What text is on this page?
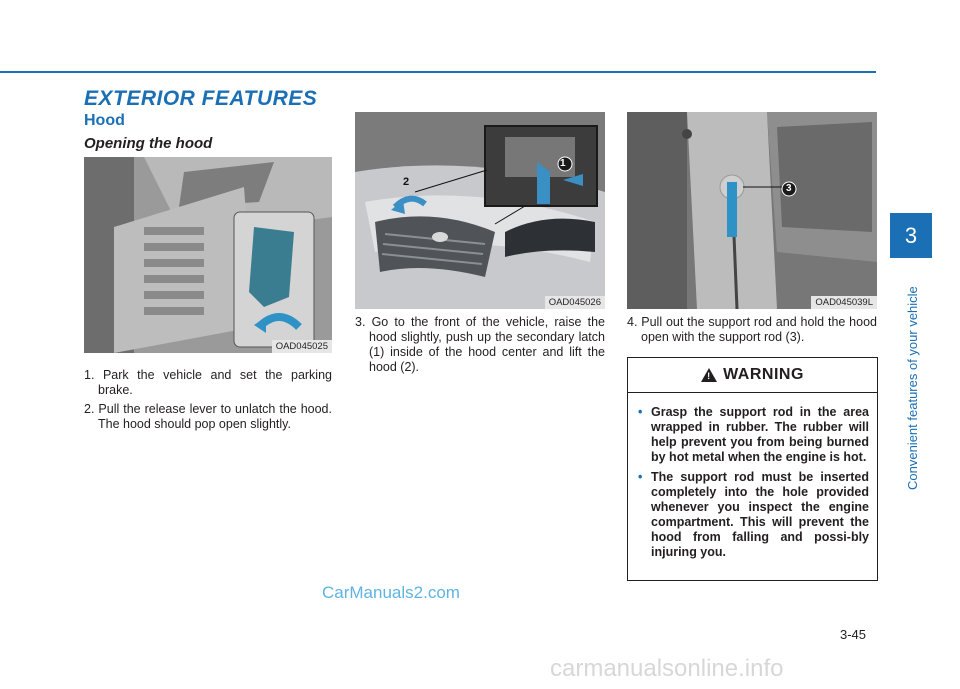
EXTERIOR FEATURES
Hood
Opening the hood
OAD045025
1
2
OAD045026
3
OAD045039L

1. Park the vehicle and set the parking brake.

2. Pull the release lever to unlatch the hood. The hood should pop open slightly.

3. Go to the front of the vehicle, raise the hood slightly, push up the secondary latch (1) inside of the hood center and lift the hood (2).

4. Pull out the support rod and hold the hood open with the support rod (3).

! WARNING
• Grasp the support rod in the area wrapped in rubber. The rubber will help prevent you from being burned by hot metal when the engine is hot.
• The support rod must be inserted completely into the hole provided whenever you inspect the engine compartment. This will prevent the hood from falling and possi-bly injuring you.
3
Convenient features of your vehicle
3-45
CarManuals2.com
carmanualsonline.info
